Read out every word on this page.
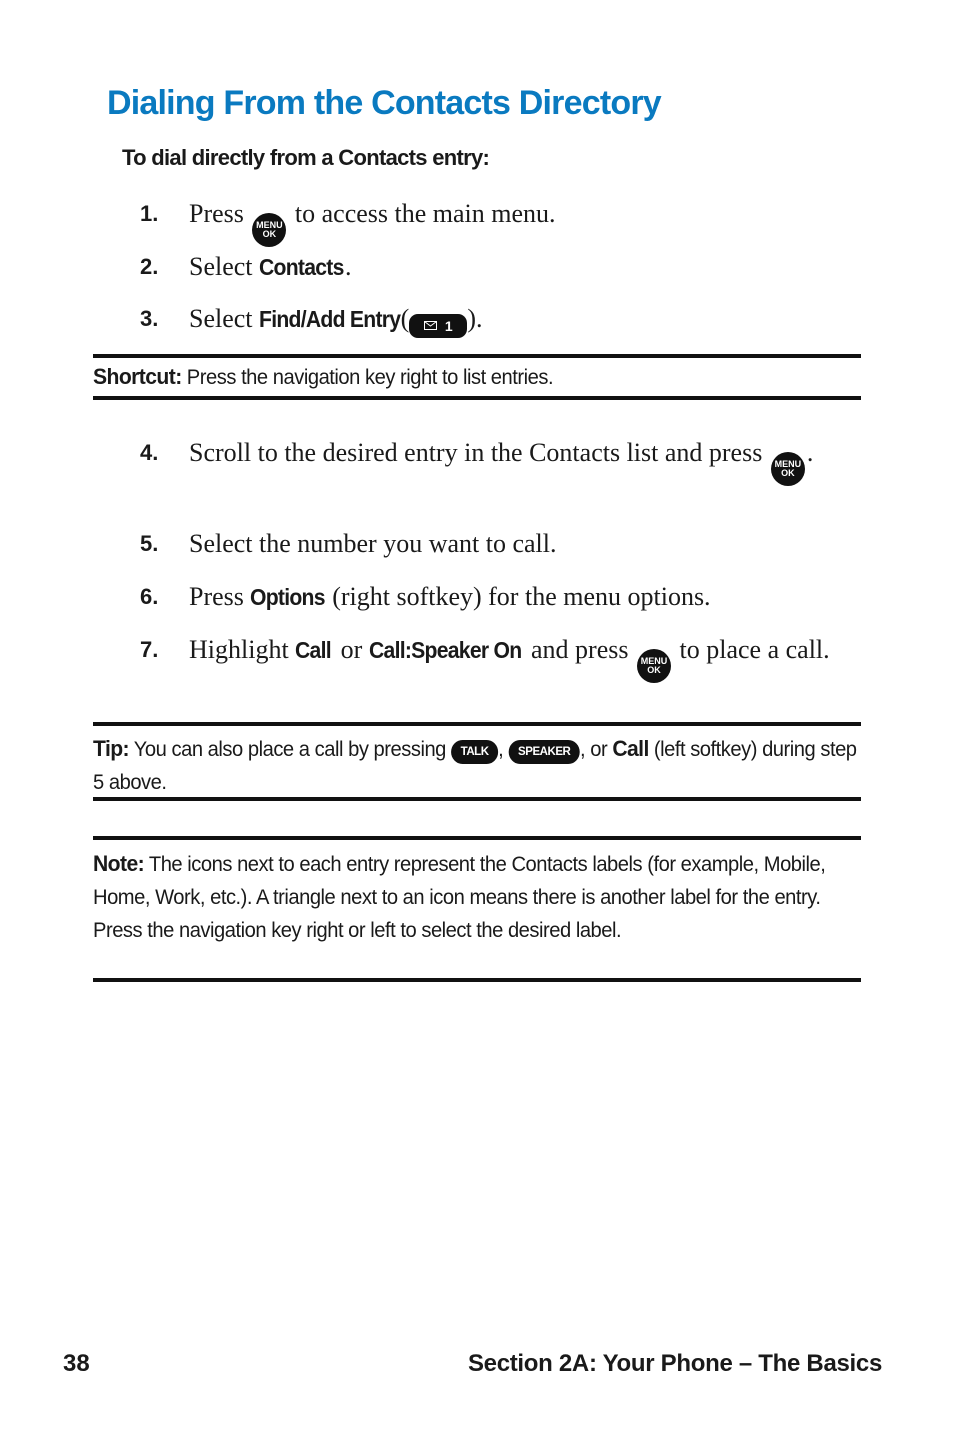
Dialing From the Contacts Directory
To dial directly from a Contacts entry:
1. Press MENU
OK
to access the main menu.
2. Select Contacts.
3. Select Find/Add Entry(	1 ).
Shortcut: Press the navigation key right to list entries.
4. Scroll to the desired entry in the Contacts list and press MENU
OK
.
5. Select the number you want to call.
6. Press Options (right softkey) for the menu options.
7. Highlight Call or Call:Speaker On and press MENU
OK
to place a call.
Tip: You can also place a call by pressing TALK , SPEAKER , or Call (left softkey) during step 5 above.
Note: The icons next to each entry represent the Contacts labels (for example, Mobile, Home, Work, etc.). A triangle next to an icon means there is another label for the entry. Press the navigation key right or left to select the desired label.
38	Section 2A: Your Phone – The Basics
